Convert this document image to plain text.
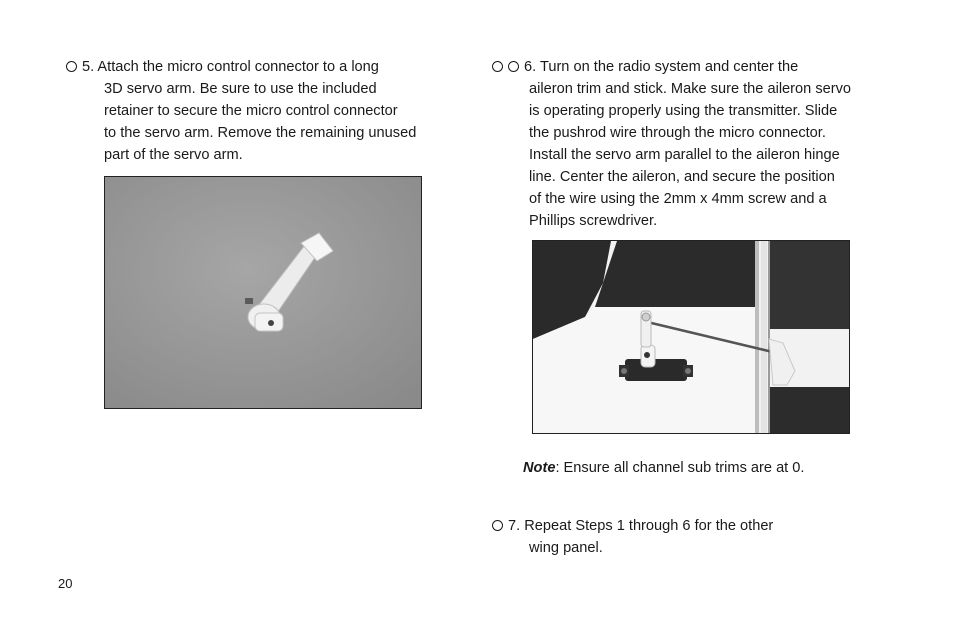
5. Attach the micro control connector to a long
3D servo arm. Be sure to use the included
retainer to secure the micro control connector
to the servo arm. Remove the remaining unused
part of the servo arm.
6. Turn on the radio system and center the
aileron trim and stick. Make sure the aileron servo
is operating properly using the transmitter. Slide
the pushrod wire through the micro connector.
Install the servo arm parallel to the aileron hinge
line. Center the aileron, and secure the position
of the wire using the 2mm x 4mm screw and a
Phillips screwdriver.
Note: Ensure all channel sub trims are at 0.
7. Repeat Steps 1 through 6 for the other
wing panel.
20
